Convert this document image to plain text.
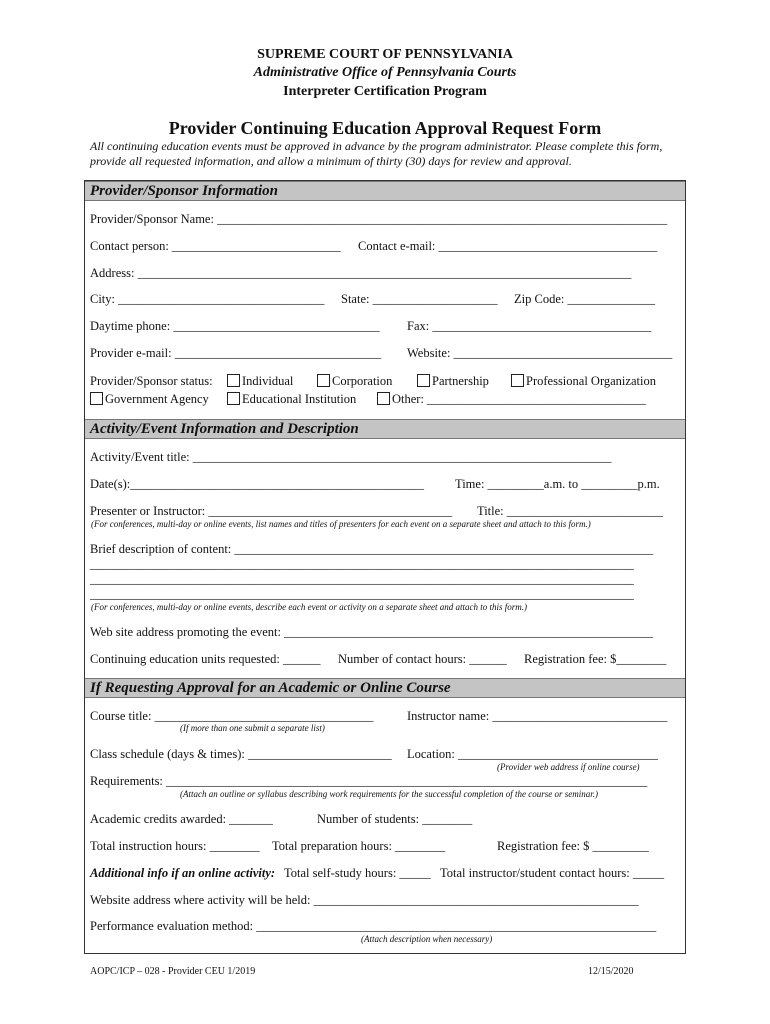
SUPREME COURT OF PENNSYLVANIA
Administrative Office of Pennsylvania Courts
Interpreter Certification Program
Provider Continuing Education Approval Request Form
All continuing education events must be approved in advance by the program administrator. Please complete this form, provide all requested information, and allow a minimum of thirty (30) days for review and approval.
Provider/Sponsor Information
Provider/Sponsor Name: ________________________________________________________________________
Contact person: ___________________________ Contact e-mail: ___________________________________
Address: _______________________________________________________________________________
City: _________________________________ State: ____________________ Zip Code: ______________
Daytime phone: _________________________________ Fax: ___________________________________
Provider e-mail: _________________________________ Website: ___________________________________
Provider/Sponsor status:	Individual	Corporation	Partnership	Professional Organization
Government Agency	Educational Institution	Other: ___________________________________
Activity/Event Information and Description
Activity/Event title: ___________________________________________________________________
Date(s):_______________________________________________ Time: _________a.m. to _________p.m.
Presenter or Instructor: _______________________________________ Title: _________________________
(For conferences, multi-day or online events, list names and titles of presenters for each event on a separate sheet and attach to this form.)
Brief description of content: ___________________________________________________________________
_______________________________________________________________________________________
_______________________________________________________________________________________
_______________________________________________________________________________________
(For conferences, multi-day or online events, describe each event or activity on a separate sheet and attach to this form.)
Web site address promoting the event: ___________________________________________________________
Continuing education units requested: ______ Number of contact hours: ______ Registration fee: $________
If Requesting Approval for an Academic or Online Course
Course title: ___________________________________
(If more than one submit a separate list)
Instructor name: ____________________________
Class schedule (days & times): _______________________ Location: ________________________________
(Provider web address if online course)
Requirements: _____________________________________________________________________________
(Attach an outline or syllabus describing work requirements for the successful completion of the course or seminar.)
Academic credits awarded: _______	Number of students: ________
Total instruction hours: ________ Total preparation hours: ________	Registration fee: $ _________
Additional info if an online activity: Total self-study hours: _____ Total instructor/student contact hours: _____
Website address where activity will be held: ____________________________________________________
Performance evaluation method: ________________________________________________________________
(Attach description when necessary)
AOPC/ICP – 028 - Provider CEU 1/2019	12/15/2020
